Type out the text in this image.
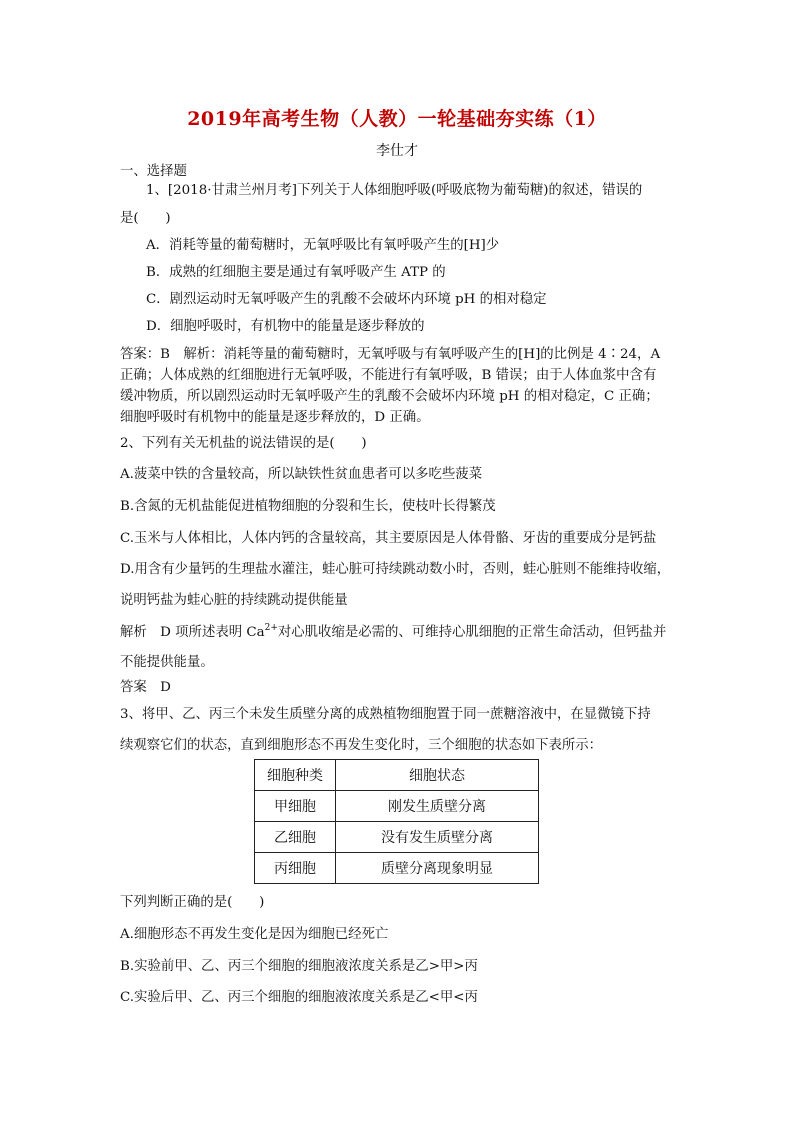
2019年高考生物（人教）一轮基础夯实练（1）
李仕才
一、选择题
1、[2018·甘肃兰州月考]下列关于人体细胞呼吸(呼吸底物为葡萄糖)的叙述，错误的
是(　　)
A．消耗等量的葡萄糖时，无氧呼吸比有氧呼吸产生的[H]少
B．成熟的红细胞主要是通过有氧呼吸产生 ATP 的
C．剧烈运动时无氧呼吸产生的乳酸不会破坏内环境 pH 的相对稳定
D．细胞呼吸时，有机物中的能量是逐步释放的
答案：B　解析：消耗等量的葡萄糖时，无氧呼吸与有氧呼吸产生的[H]的比例是 4∶24，A
正确；人体成熟的红细胞进行无氧呼吸，不能进行有氧呼吸，B 错误；由于人体血浆中含有
缓冲物质，所以剧烈运动时无氧呼吸产生的乳酸不会破坏内环境 pH 的相对稳定，C 正确；
细胞呼吸时有机物中的能量是逐步释放的，D 正确。
2、下列有关无机盐的说法错误的是(　　)
A.菠菜中铁的含量较高，所以缺铁性贫血患者可以多吃些菠菜
B.含氮的无机盐能促进植物细胞的分裂和生长，使枝叶长得繁茂
C.玉米与人体相比，人体内钙的含量较高，其主要原因是人体骨骼、牙齿的重要成分是钙盐
D.用含有少量钙的生理盐水灌注，蛙心脏可持续跳动数小时，否则，蛙心脏则不能维持收缩，
说明钙盐为蛙心脏的持续跳动提供能量
解析　D 项所述表明 $Ca^{2+}$对心肌收缩是必需的、可维持心肌细胞的正常生命活动，但钙盐并
不能提供能量。
答案　D
3、将甲、乙、丙三个未发生质壁分离的成熟植物细胞置于同一蔗糖溶液中，在显微镜下持
续观察它们的状态，直到细胞形态不再发生变化时，三个细胞的状态如下表所示：
细胞种类	细胞状态
甲细胞	刚发生质壁分离
乙细胞	没有发生质壁分离
丙细胞	质壁分离现象明显
下列判断正确的是(　　)
A.细胞形态不再发生变化是因为细胞已经死亡
B.实验前甲、乙、丙三个细胞的细胞液浓度关系是乙>甲>丙
C.实验后甲、乙、丙三个细胞的细胞液浓度关系是乙<甲<丙
